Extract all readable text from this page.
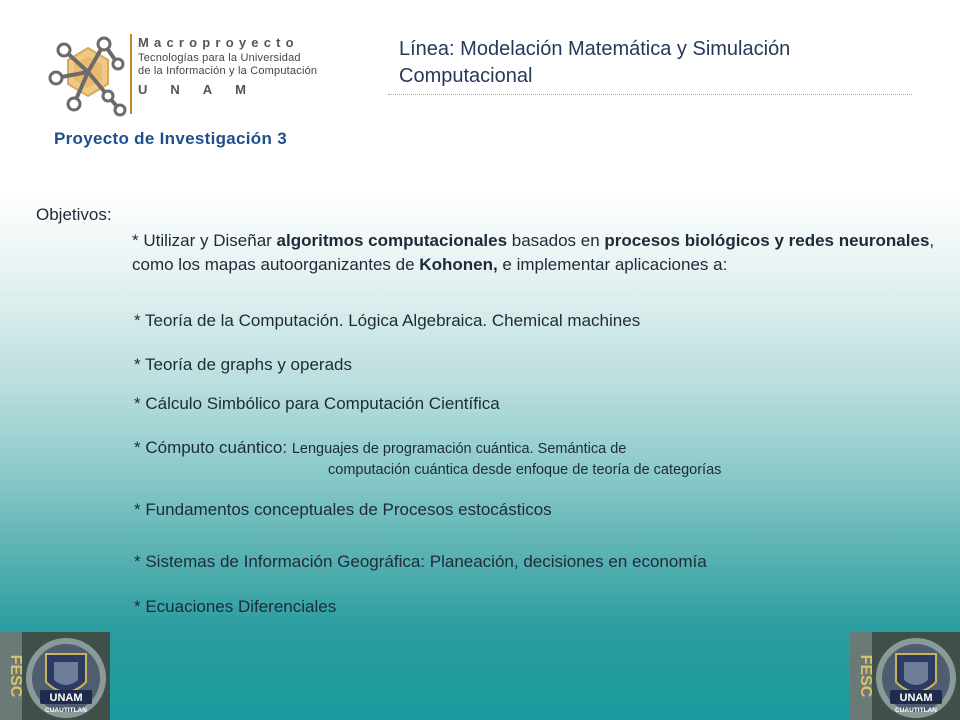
Macroproyecto
Tecnologías para la Universidad
de la Información y la Computación
UNAM
Proyecto de Investigación 3
Línea: Modelación Matemática y Simulación Computacional
Objetivos:
* Utilizar y Diseñar algoritmos computacionales basados en procesos biológicos y redes neuronales, como los mapas autoorganizantes de Kohonen, e implementar aplicaciones a:
* Teoría de la Computación. Lógica Algebraica. Chemical machines
* Teoría de graphs y operads
* Cálculo Simbólico para Computación Científica
* Cómputo cuántico: Lenguajes de programación cuántica. Semántica de
computación cuántica desde enfoque de teoría de categorías
* Fundamentos conceptuales de Procesos estocásticos
* Sistemas de Información Geográfica: Planeación, decisiones en economía
* Ecuaciones Diferenciales
FESC
UNAM
CUAUTITLAN
FESC
UNAM
CUAUTITLAN
